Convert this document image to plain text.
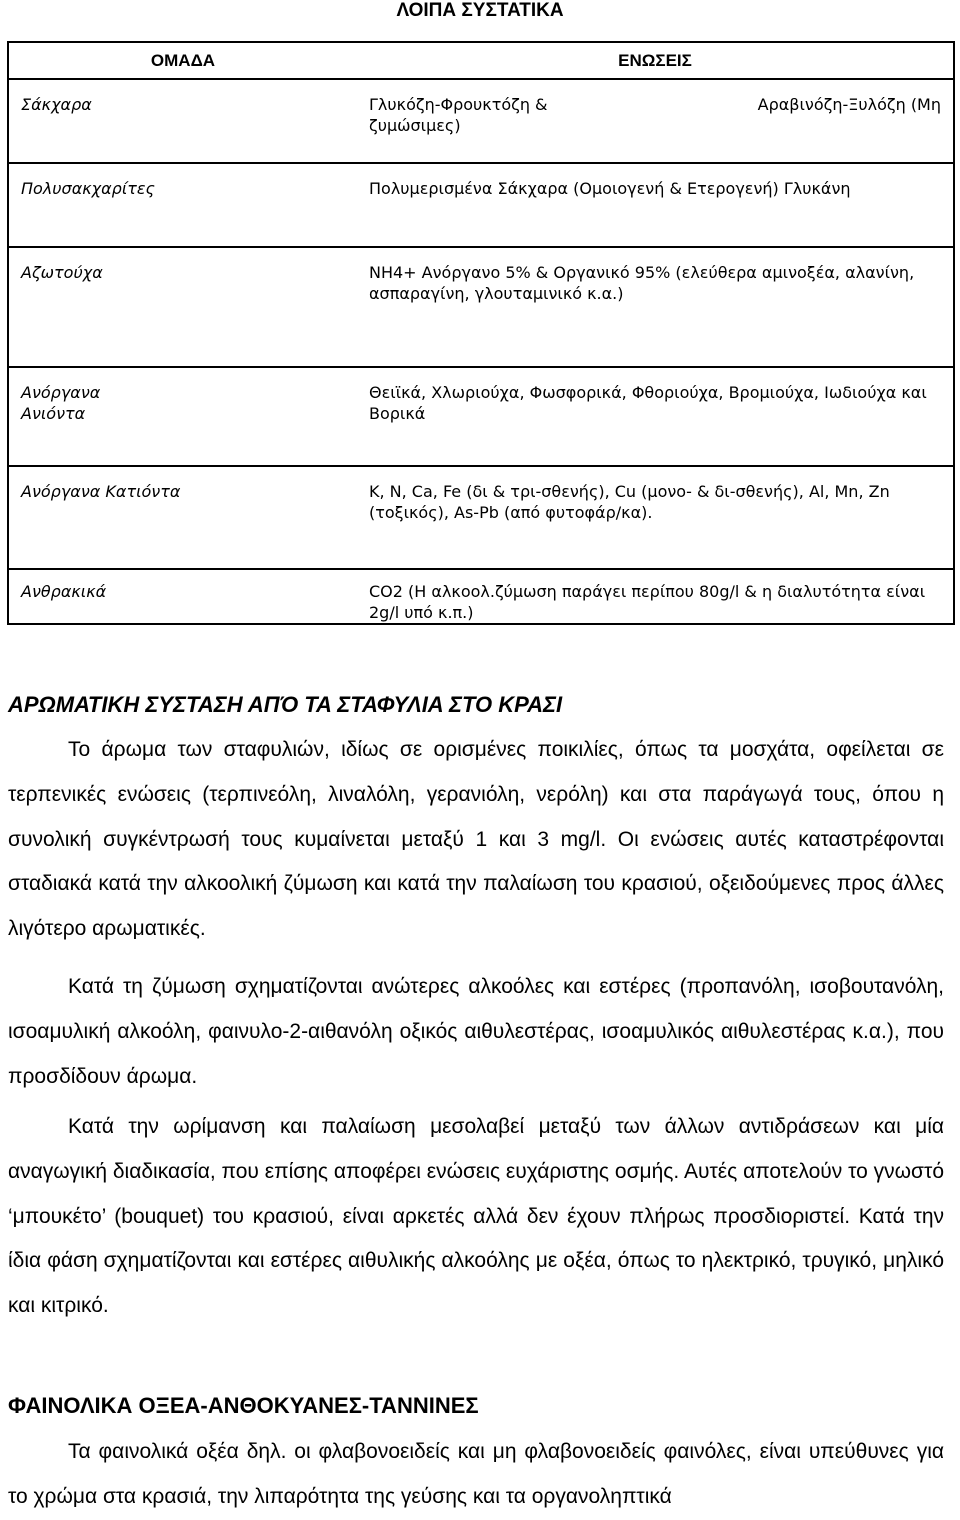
ΛΟΙΠΑ ΣΥΣΤΑΤΙΚΑ
ΟΜΑΔΑ	ΕΝΩΣΕΙΣ
Σάκχαρα	Γλυκόζη-Φρουκτόζη & Αραβινόζη-Ξυλόζη (Μη
ζυμώσιμες)

Πολυσακχαρίτες	Πολυμερισμένα Σάκχαρα (Ομοιογενή & Ετερογενή) Γλυκάνη
Αζωτούχα	ΝΗ4+ Ανόργανο 5% & Οργανικό 95% (ελεύθερα αμινοξέα, αλανίνη, ασπαραγίνη, γλουταμινικό κ.α.)

Ανόργανα
Ανιόντα	Θειϊκά, Χλωριούχα, Φωσφορικά, Φθοριούχα, Βρομιούχα, Ιωδιούχα και Βορικά
Ανόργανα Κατιόντα	K, N, Ca, Fe (δι & τρι-σθενής), Cu (μονο- & δι-σθενής), Al, Mn, Zn (τοξικός), As-Pb (από φυτοφάρ/κα).
Ανθρακικά	CO2 (Η αλκοολ.ζύμωση παράγει περίπου 80g/l & η διαλυτότητα είναι 2g/l υπό κ.π.)
ΑΡΩΜΑΤΙΚΗ ΣΥΣΤΑΣΗ ΑΠΌ ΤΑ ΣΤΑΦΥΛΙΑ ΣΤΟ ΚΡΑΣΙ

Το άρωμα των σταφυλιών, ιδίως σε ορισμένες ποικιλίες, όπως τα μοσχάτα, οφείλεται σε τερπενικές ενώσεις (τερπινεόλη, λιναλόλη, γερανιόλη, νερόλη) και στα παράγωγά τους, όπου η συνολική συγκέντρωσή τους κυμαίνεται μεταξύ 1 και 3 mg/l. Οι ενώσεις αυτές καταστρέφονται σταδιακά κατά την αλκοολική ζύμωση και κατά την παλαίωση του κρασιού, οξειδούμενες προς άλλες λιγότερο αρωματικές.

Κατά τη ζύμωση σχηματίζονται ανώτερες αλκοόλες και εστέρες (προπανόλη, ισοβουτανόλη, ισοαμυλική αλκοόλη, φαινυλο-2-αιθανόλη οξικός αιθυλεστέρας, ισοαμυλικός αιθυλεστέρας κ.α.), που προσδίδουν άρωμα.

Κατά την ωρίμανση και παλαίωση μεσολαβεί μεταξύ των άλλων αντιδράσεων και μία αναγωγική διαδικασία, που επίσης αποφέρει ενώσεις ευχάριστης οσμής. Αυτές αποτελούν το γνωστό ‘μπουκέτο’ (bouquet) του κρασιού, είναι αρκετές αλλά δεν έχουν πλήρως προσδιοριστεί. Κατά την ίδια φάση σχηματίζονται και εστέρες αιθυλικής αλκοόλης με οξέα, όπως το ηλεκτρικό, τρυγικό, μηλικό και κιτρικό.

ΦΑΙΝΟΛΙΚΑ ΟΞΕΑ-ΑΝΘΟΚΥΑΝΕΣ-ΤΑΝΝΙΝΕΣ

Τα φαινολικά οξέα δηλ. οι φλαβονοειδείς και μη φλαβονοειδείς φαινόλες, είναι υπεύθυνες για το χρώμα στα κρασιά, την λιπαρότητα της γεύσης και τα οργανοληπτικά
